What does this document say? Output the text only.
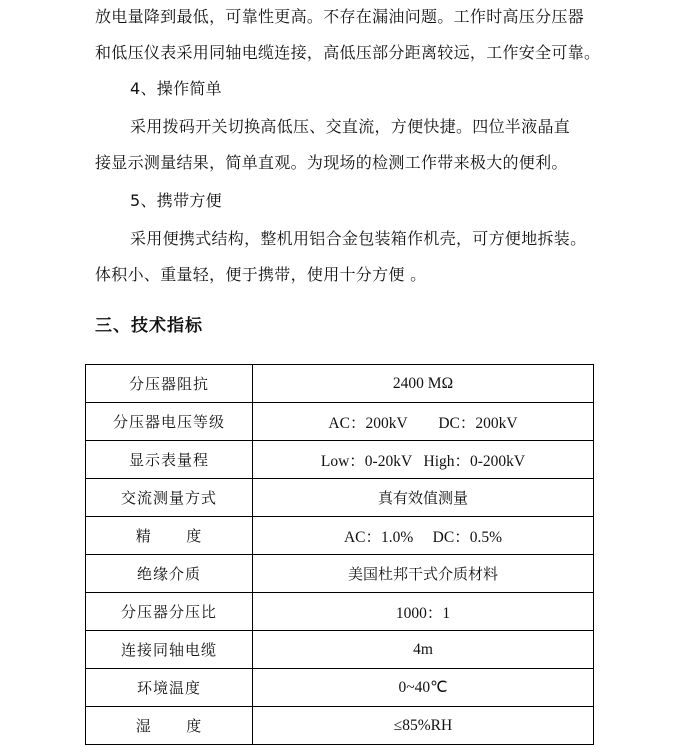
放电量降到最低，可靠性更高。不存在漏油问题。工作时高压分压器
和低压仪表采用同轴电缆连接，高低压部分距离较远，工作安全可靠。
4、操作简单
采用拨码开关切换高低压、交直流，方便快捷。四位半液晶直
接显示测量结果，简单直观。为现场的检测工作带来极大的便利。
5、携带方便
采用便携式结构，整机用铝合金包装箱作机壳，可方便地拆装。
体积小、重量轻，便于携带，使用十分方便 。
三、技术指标
分压器阻抗	2400 MΩ
分压器电压等级	AC：200kV        DC：200kV
显示表量程	Low：0-20kV   High：0-200kV
交流测量方式	真有效值测量
精      度	AC：1.0%     DC：0.5%
绝缘介质	美国杜邦干式介质材料
分压器分压比	1000：1
连接同轴电缆	4m
环境温度	0~40℃
湿      度	≤85%RH
